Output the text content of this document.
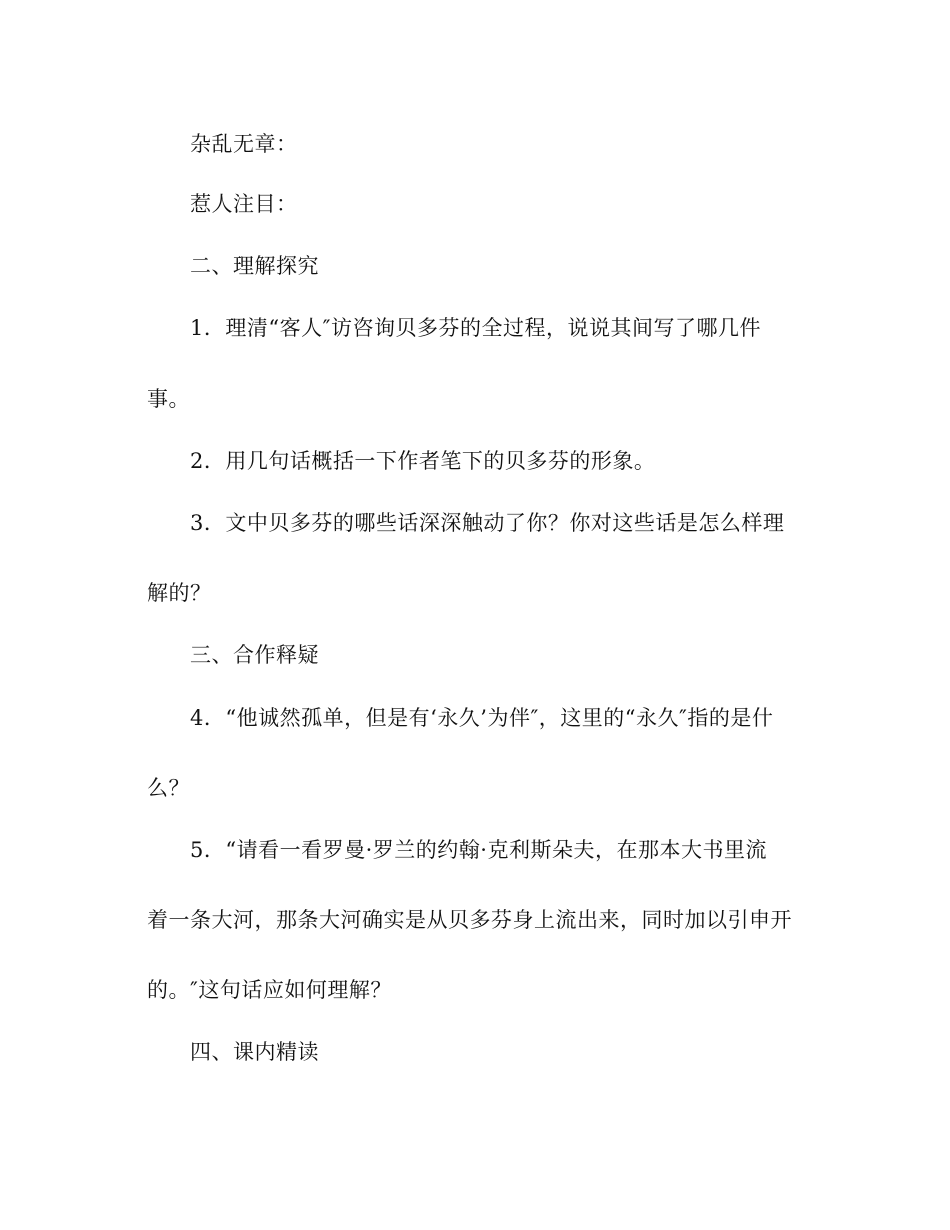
杂乱无章：
惹人注目：
二、理解探究
1．理清“客人″访咨询贝多芬的全过程，说说其间写了哪几件
事。
2．用几句话概括一下作者笔下的贝多芬的形象。
3．文中贝多芬的哪些话深深触动了你？你对这些话是怎么样理
解的？
三、合作释疑
4．“他诚然孤单，但是有‘永久’为伴″，这里的“永久″指的是什
么？
5．“请看一看罗曼·罗兰的约翰·克利斯朵夫，在那本大书里流
着一条大河，那条大河确实是从贝多芬身上流出来，同时加以引申开
的。″这句话应如何理解？
四、课内精读
